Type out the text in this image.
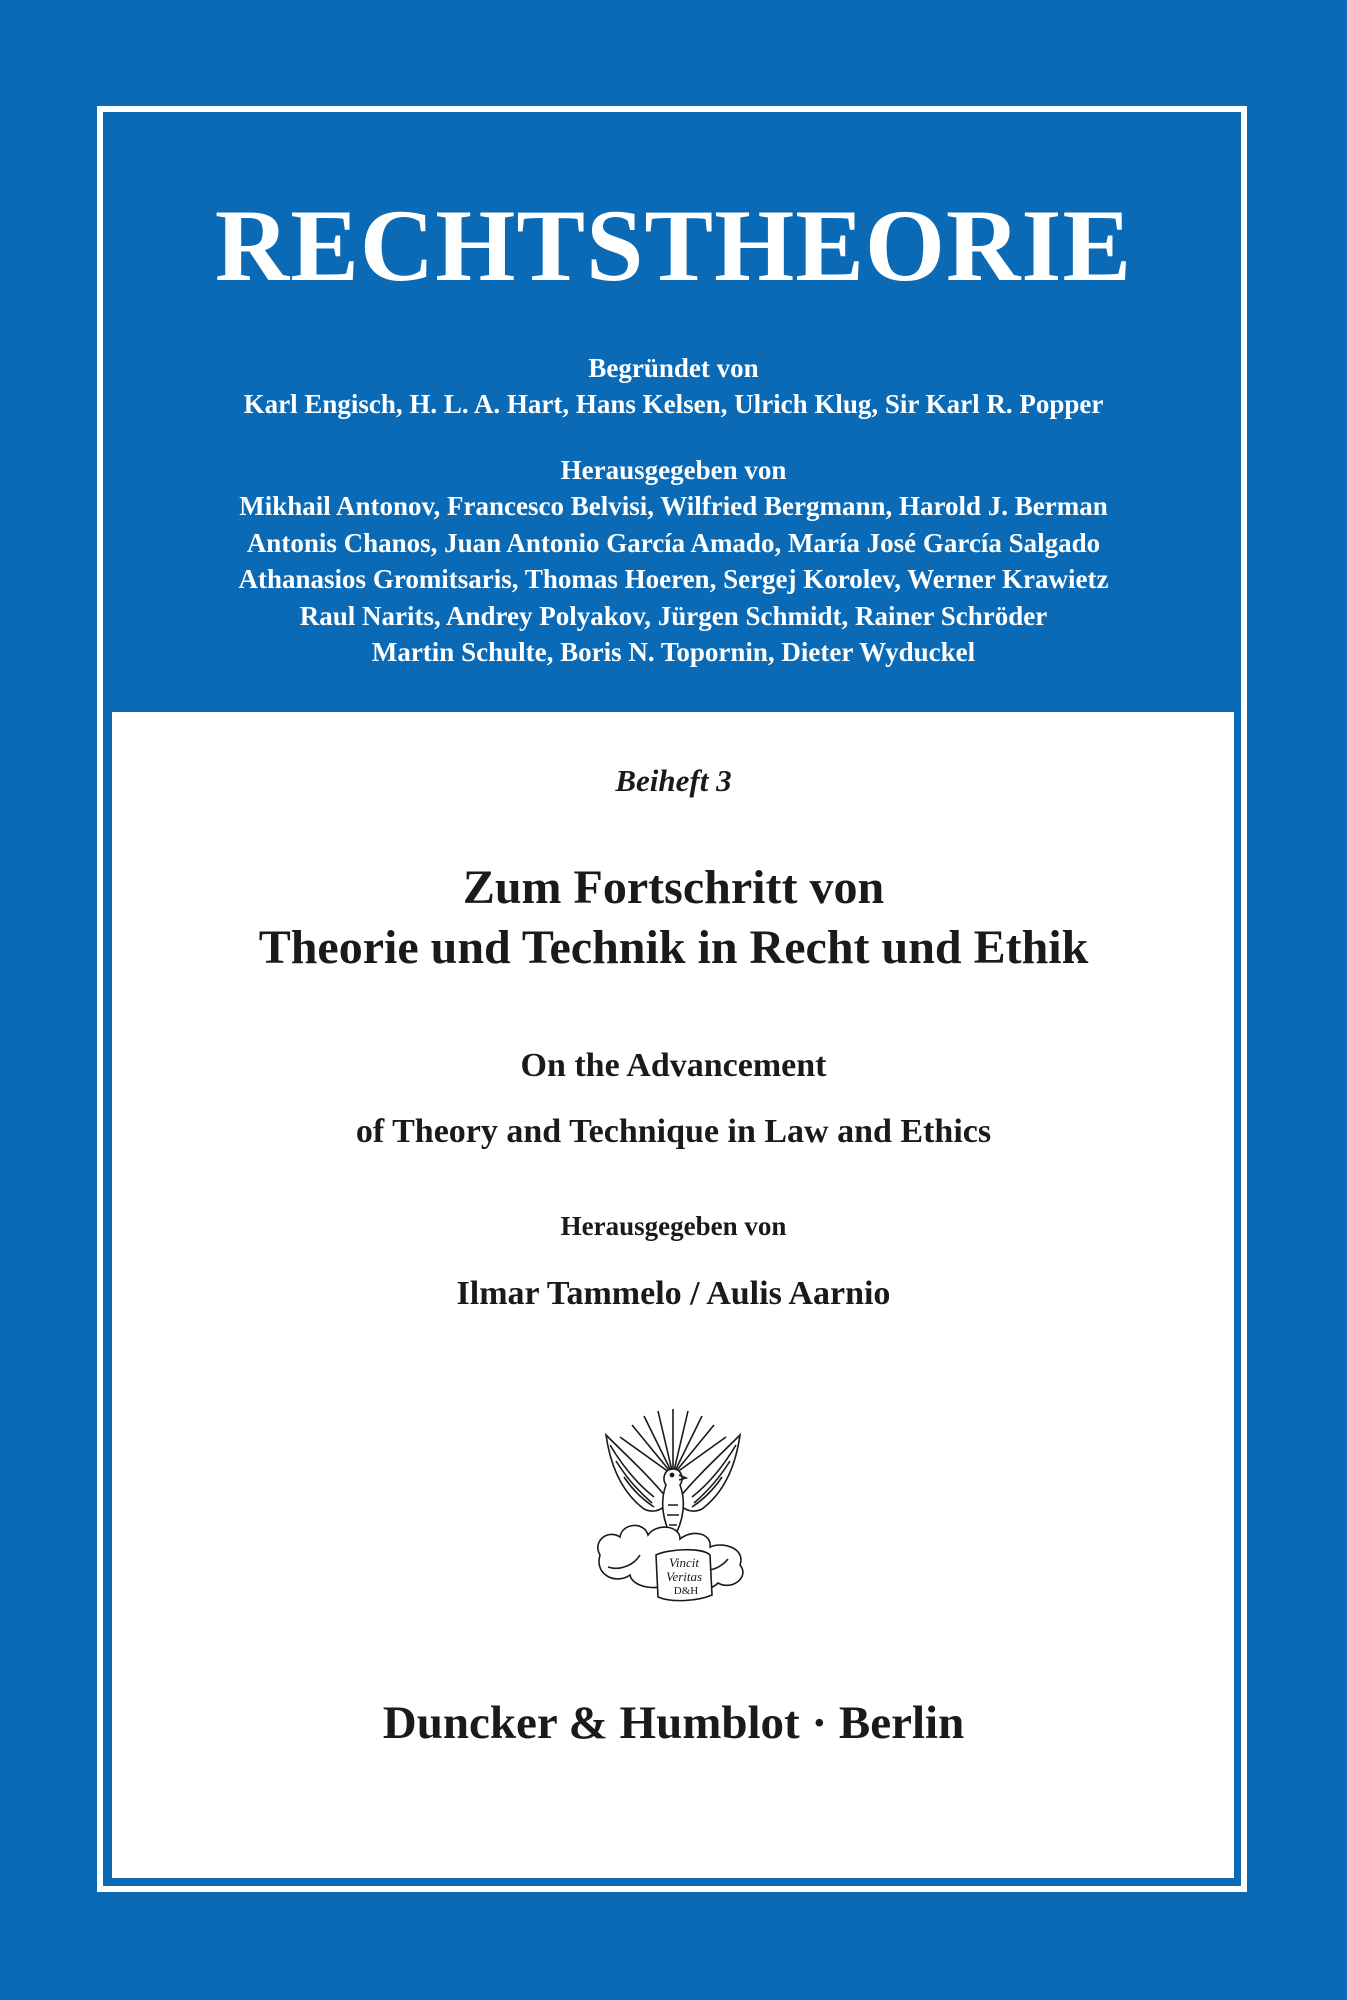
RECHTSTHEORIE
Begründet von
Karl Engisch, H. L. A. Hart, Hans Kelsen, Ulrich Klug, Sir Karl R. Popper
Herausgegeben von
Mikhail Antonov, Francesco Belvisi, Wilfried Bergmann, Harold J. Berman
Antonis Chanos, Juan Antonio García Amado, María José García Salgado
Athanasios Gromitsaris, Thomas Hoeren, Sergej Korolev, Werner Krawietz
Raul Narits, Andrey Polyakov, Jürgen Schmidt, Rainer Schröder
Martin Schulte, Boris N. Topornin, Dieter Wyduckel
Beiheft 3
Zum Fortschritt von
Theorie und Technik in Recht und Ethik
On the Advancement
of Theory and Technique in Law and Ethics
Herausgegeben von
Ilmar Tammelo / Aulis Aarnio
Vincit
Veritas
D&H
Duncker & Humblot · Berlin
